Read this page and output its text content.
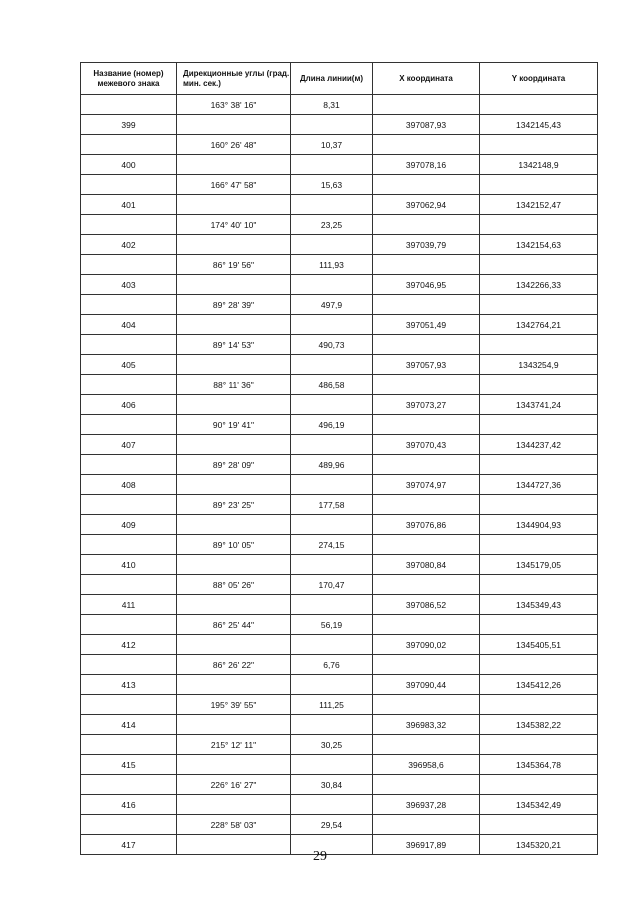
Название (номер) межевого знака	Дирекционные углы (град. мин. сек.)	Длина линии(м)	X координата	Y координата
	163° 38' 16"	8,31		
399			397087,93	1342145,43
	160° 26' 48"	10,37		
400			397078,16	1342148,9
	166° 47' 58"	15,63		
401			397062,94	1342152,47
	174° 40' 10"	23,25		
402			397039,79	1342154,63
	86° 19' 56"	111,93		
403			397046,95	1342266,33
	89° 28' 39"	497,9		
404			397051,49	1342764,21
	89° 14' 53"	490,73		
405			397057,93	1343254,9
	88° 11' 36"	486,58		
406			397073,27	1343741,24
	90° 19' 41"	496,19		
407			397070,43	1344237,42
	89° 28' 09"	489,96		
408			397074,97	1344727,36
	89° 23' 25"	177,58		
409			397076,86	1344904,93
	89° 10' 05"	274,15		
410			397080,84	1345179,05
	88° 05' 26"	170,47		
411			397086,52	1345349,43
	86° 25' 44"	56,19		
412			397090,02	1345405,51
	86° 26' 22"	6,76		
413			397090,44	1345412,26
	195° 39' 55"	111,25		
414			396983,32	1345382,22
	215° 12' 11"	30,25		
415			396958,6	1345364,78
	226° 16' 27"	30,84		
416			396937,28	1345342,49
	228° 58' 03"	29,54		
417			396917,89	1345320,21
29
